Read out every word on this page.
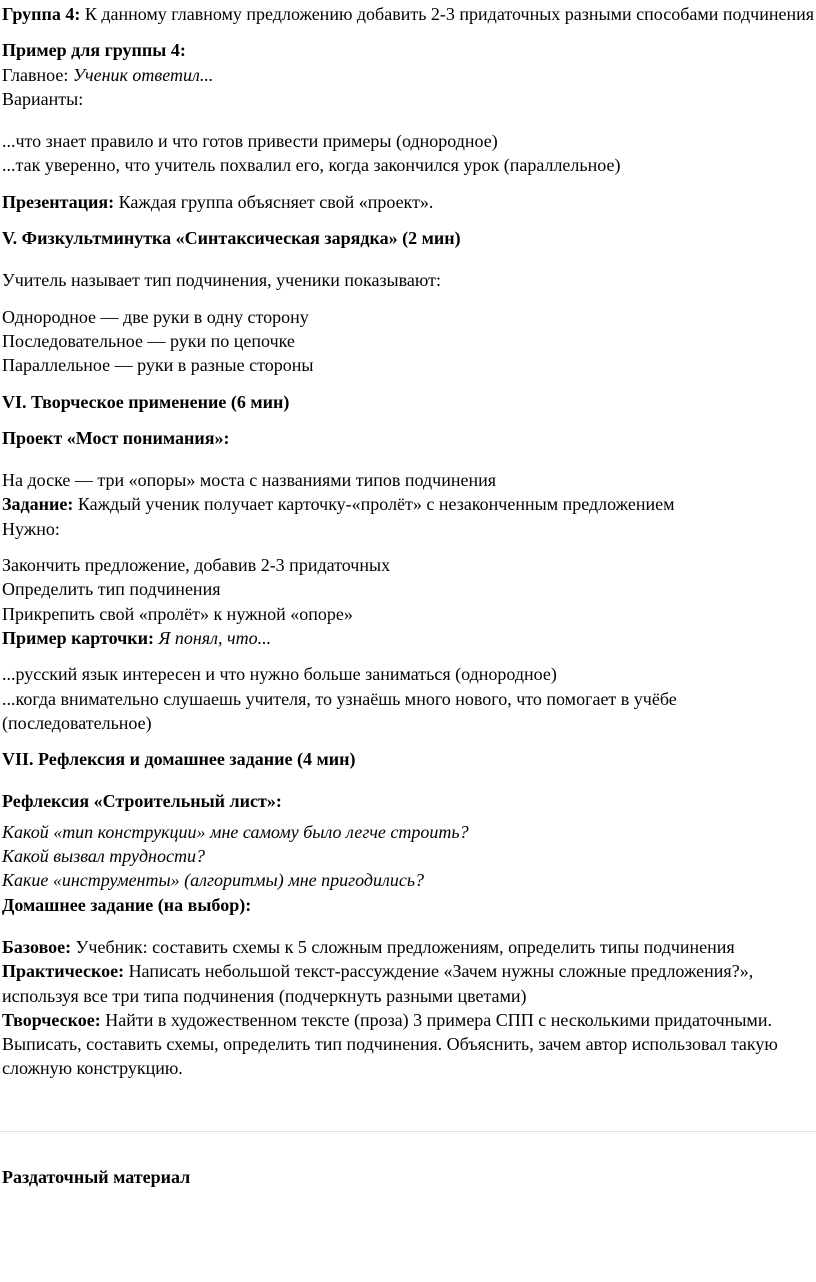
Группа 4: К данному главному предложению добавить 2-3 придаточных разными способами подчинения

Пример для группы 4:

Главное: Ученик ответил...

Варианты:

...что знает правило и что готов привести примеры (однородное)

...так уверенно, что учитель похвалил его, когда закончился урок (параллельное)

Презентация: Каждая группа объясняет свой «проект».

V. Физкультминутка «Синтаксическая зарядка» (2 мин)

Учитель называет тип подчинения, ученики показывают:

Однородное — две руки в одну сторону

Последовательное — руки по цепочке

Параллельное — руки в разные стороны

VI. Творческое применение (6 мин)

Проект «Мост понимания»:

На доске — три «опоры» моста с названиями типов подчинения

Задание: Каждый ученик получает карточку-«пролёт» с незаконченным предложением

Нужно:

Закончить предложение, добавив 2-3 придаточных

Определить тип подчинения

Прикрепить свой «пролёт» к нужной «опоре»

Пример карточки: Я понял, что...

...русский язык интересен и что нужно больше заниматься (однородное)

...когда внимательно слушаешь учителя, то узнаёшь много нового, что помогает в учёбе (последовательное)

VII. Рефлексия и домашнее задание (4 мин)

Рефлексия «Строительный лист»:

Какой «тип конструкции» мне самому было легче строить?

Какой вызвал трудности?

Какие «инструменты» (алгоритмы) мне пригодились?

Домашнее задание (на выбор):

Базовое: Учебник: составить схемы к 5 сложным предложениям, определить типы подчинения

Практическое: Написать небольшой текст-рассуждение «Зачем нужны сложные предложения?», используя все три типа подчинения (подчеркнуть разными цветами)

Творческое: Найти в художественном тексте (проза) 3 примера СПП с несколькими придаточными. Выписать, составить схемы, определить тип подчинения. Объяснить, зачем автор использовал такую сложную конструкцию.

Раздаточный материал
